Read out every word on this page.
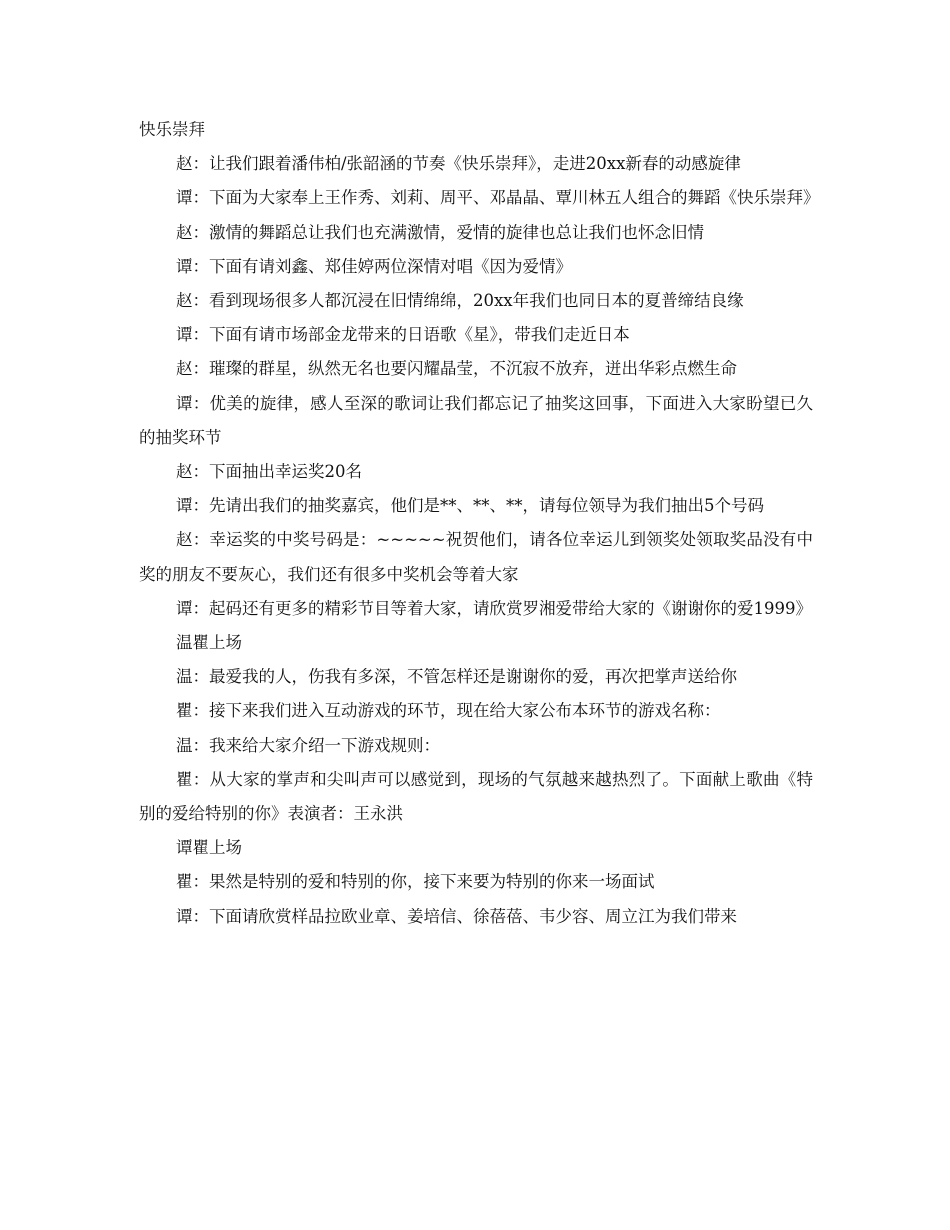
快乐崇拜

赵：让我们跟着潘伟柏/张韶涵的节奏《快乐崇拜》，走进20xx新春的动感旋律

谭：下面为大家奉上王作秀、刘莉、周平、邓晶晶、覃川林五人组合的舞蹈《快乐崇拜》

赵：激情的舞蹈总让我们也充满激情，爱情的旋律也总让我们也怀念旧情

谭：下面有请刘鑫、郑佳婷两位深情对唱《因为爱情》

赵：看到现场很多人都沉浸在旧情绵绵，20xx年我们也同日本的夏普缔结良缘

谭：下面有请市场部金龙带来的日语歌《星》，带我们走近日本

赵：璀璨的群星，纵然无名也要闪耀晶莹，不沉寂不放弃，迸出华彩点燃生命

谭：优美的旋律，感人至深的歌词让我们都忘记了抽奖这回事，下面进入大家盼望已久的抽奖环节

赵：下面抽出幸运奖20名

谭：先请出我们的抽奖嘉宾，他们是**、**、**，请每位领导为我们抽出5个号码

赵：幸运奖的中奖号码是：~~~~~祝贺他们，请各位幸运儿到领奖处领取奖品没有中奖的朋友不要灰心，我们还有很多中奖机会等着大家

谭：起码还有更多的精彩节目等着大家，请欣赏罗湘爱带给大家的《谢谢你的爱1999》

温瞿上场

温：最爱我的人，伤我有多深，不管怎样还是谢谢你的爱，再次把掌声送给你

瞿：接下来我们进入互动游戏的环节，现在给大家公布本环节的游戏名称：

温：我来给大家介绍一下游戏规则：

瞿：从大家的掌声和尖叫声可以感觉到，现场的气氛越来越热烈了。下面献上歌曲《特别的爱给特别的你》表演者：王永洪

谭瞿上场

瞿：果然是特别的爱和特别的你，接下来要为特别的你来一场面试

谭：下面请欣赏样品拉欧业章、姜培信、徐蓓蓓、韦少容、周立江为我们带来
